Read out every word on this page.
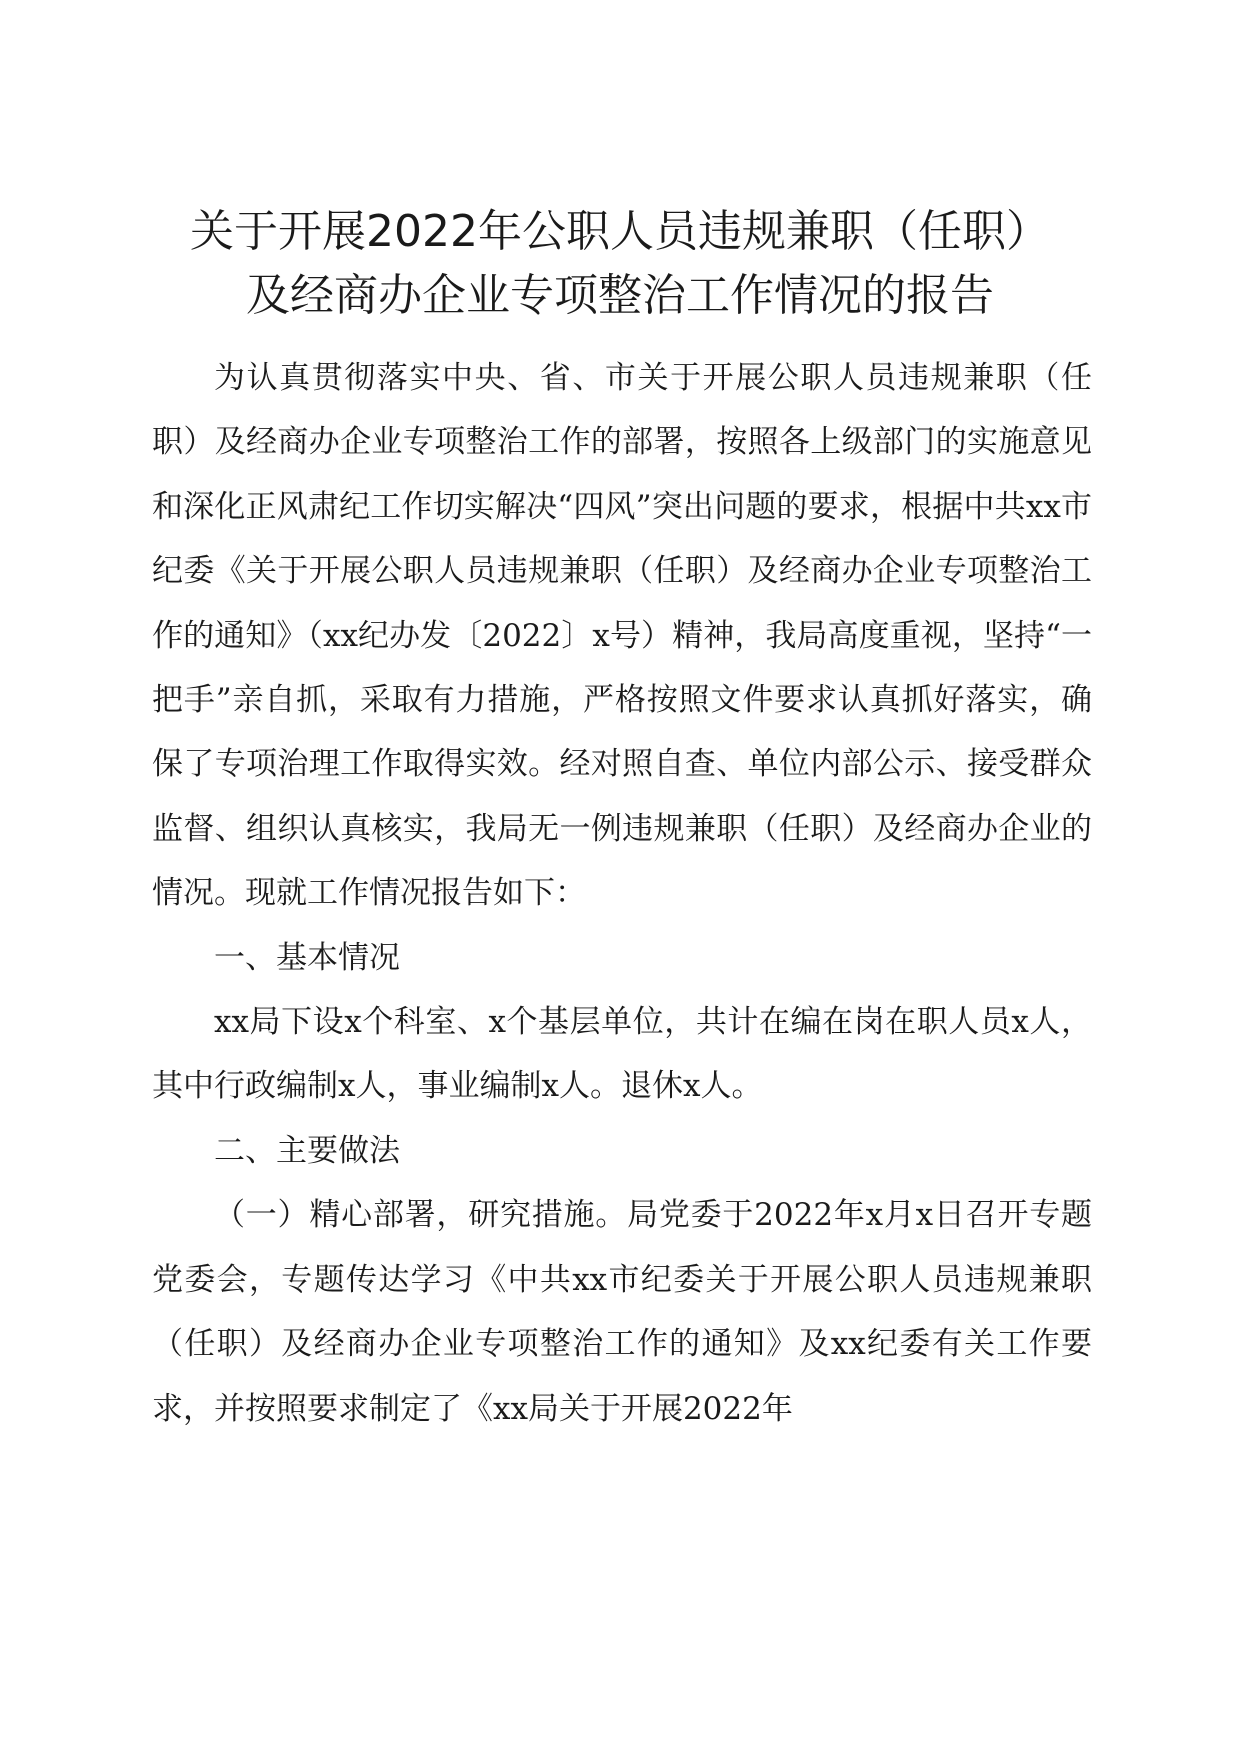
关于开展2022年公职人员违规兼职（任职）
及经商办企业专项整治工作情况的报告

为认真贯彻落实中央、省、市关于开展公职人员违规兼职（任职）及经商办企业专项整治工作的部署，按照各上级部门的实施意见和深化正风肃纪工作切实解决“四风”突出问题的要求，根据中共xx市纪委《关于开展公职人员违规兼职（任职）及经商办企业专项整治工作的通知》（xx纪办发〔2022〕x号）精神，我局高度重视，坚持“一把手”亲自抓，采取有力措施，严格按照文件要求认真抓好落实，确保了专项治理工作取得实效。经对照自查、单位内部公示、接受群众监督、组织认真核实，我局无一例违规兼职（任职）及经商办企业的情况。现就工作情况报告如下：

一、基本情况

xx局下设x个科室、x个基层单位，共计在编在岗在职人员x人，其中行政编制x人，事业编制x人。退休x人。

二、主要做法

（一）精心部署，研究措施。局党委于2022年x月x日召开专题党委会，专题传达学习《中共xx市纪委关于开展公职人员违规兼职（任职）及经商办企业专项整治工作的通知》及xx纪委有关工作要求，并按照要求制定了《xx局关于开展2022年
